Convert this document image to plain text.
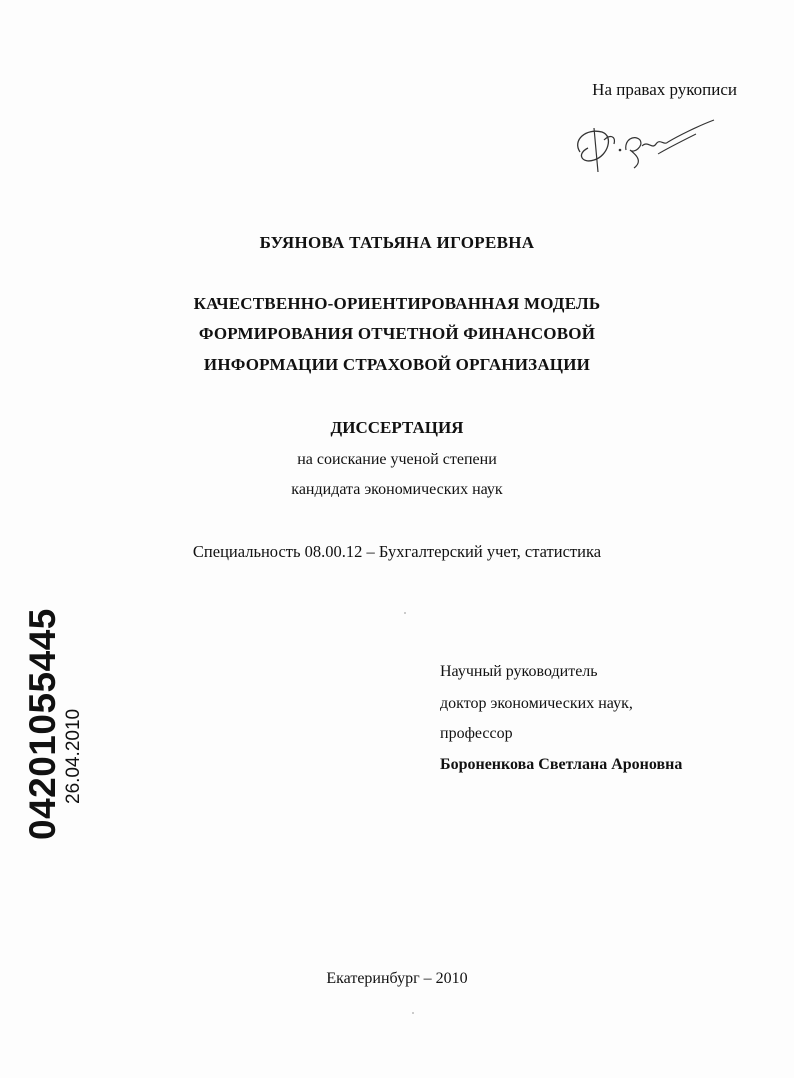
На правах рукописи

БУЯНОВА ТАТЬЯНА ИГОРЕВНА

КАЧЕСТВЕННО-ОРИЕНТИРОВАННАЯ МОДЕЛЬ

ФОРМИРОВАНИЯ ОТЧЕТНОЙ ФИНАНСОВОЙ

ИНФОРМАЦИИ СТРАХОВОЙ ОРГАНИЗАЦИИ

ДИССЕРТАЦИЯ

на соискание ученой степени

кандидата экономических наук

Специальность 08.00.12 – Бухгалтерский учет, статистика

Научный руководитель

доктор экономических наук,

профессор

Бороненкова Светлана Ароновна

Екатеринбург – 2010

04201055445 26.04.2010
